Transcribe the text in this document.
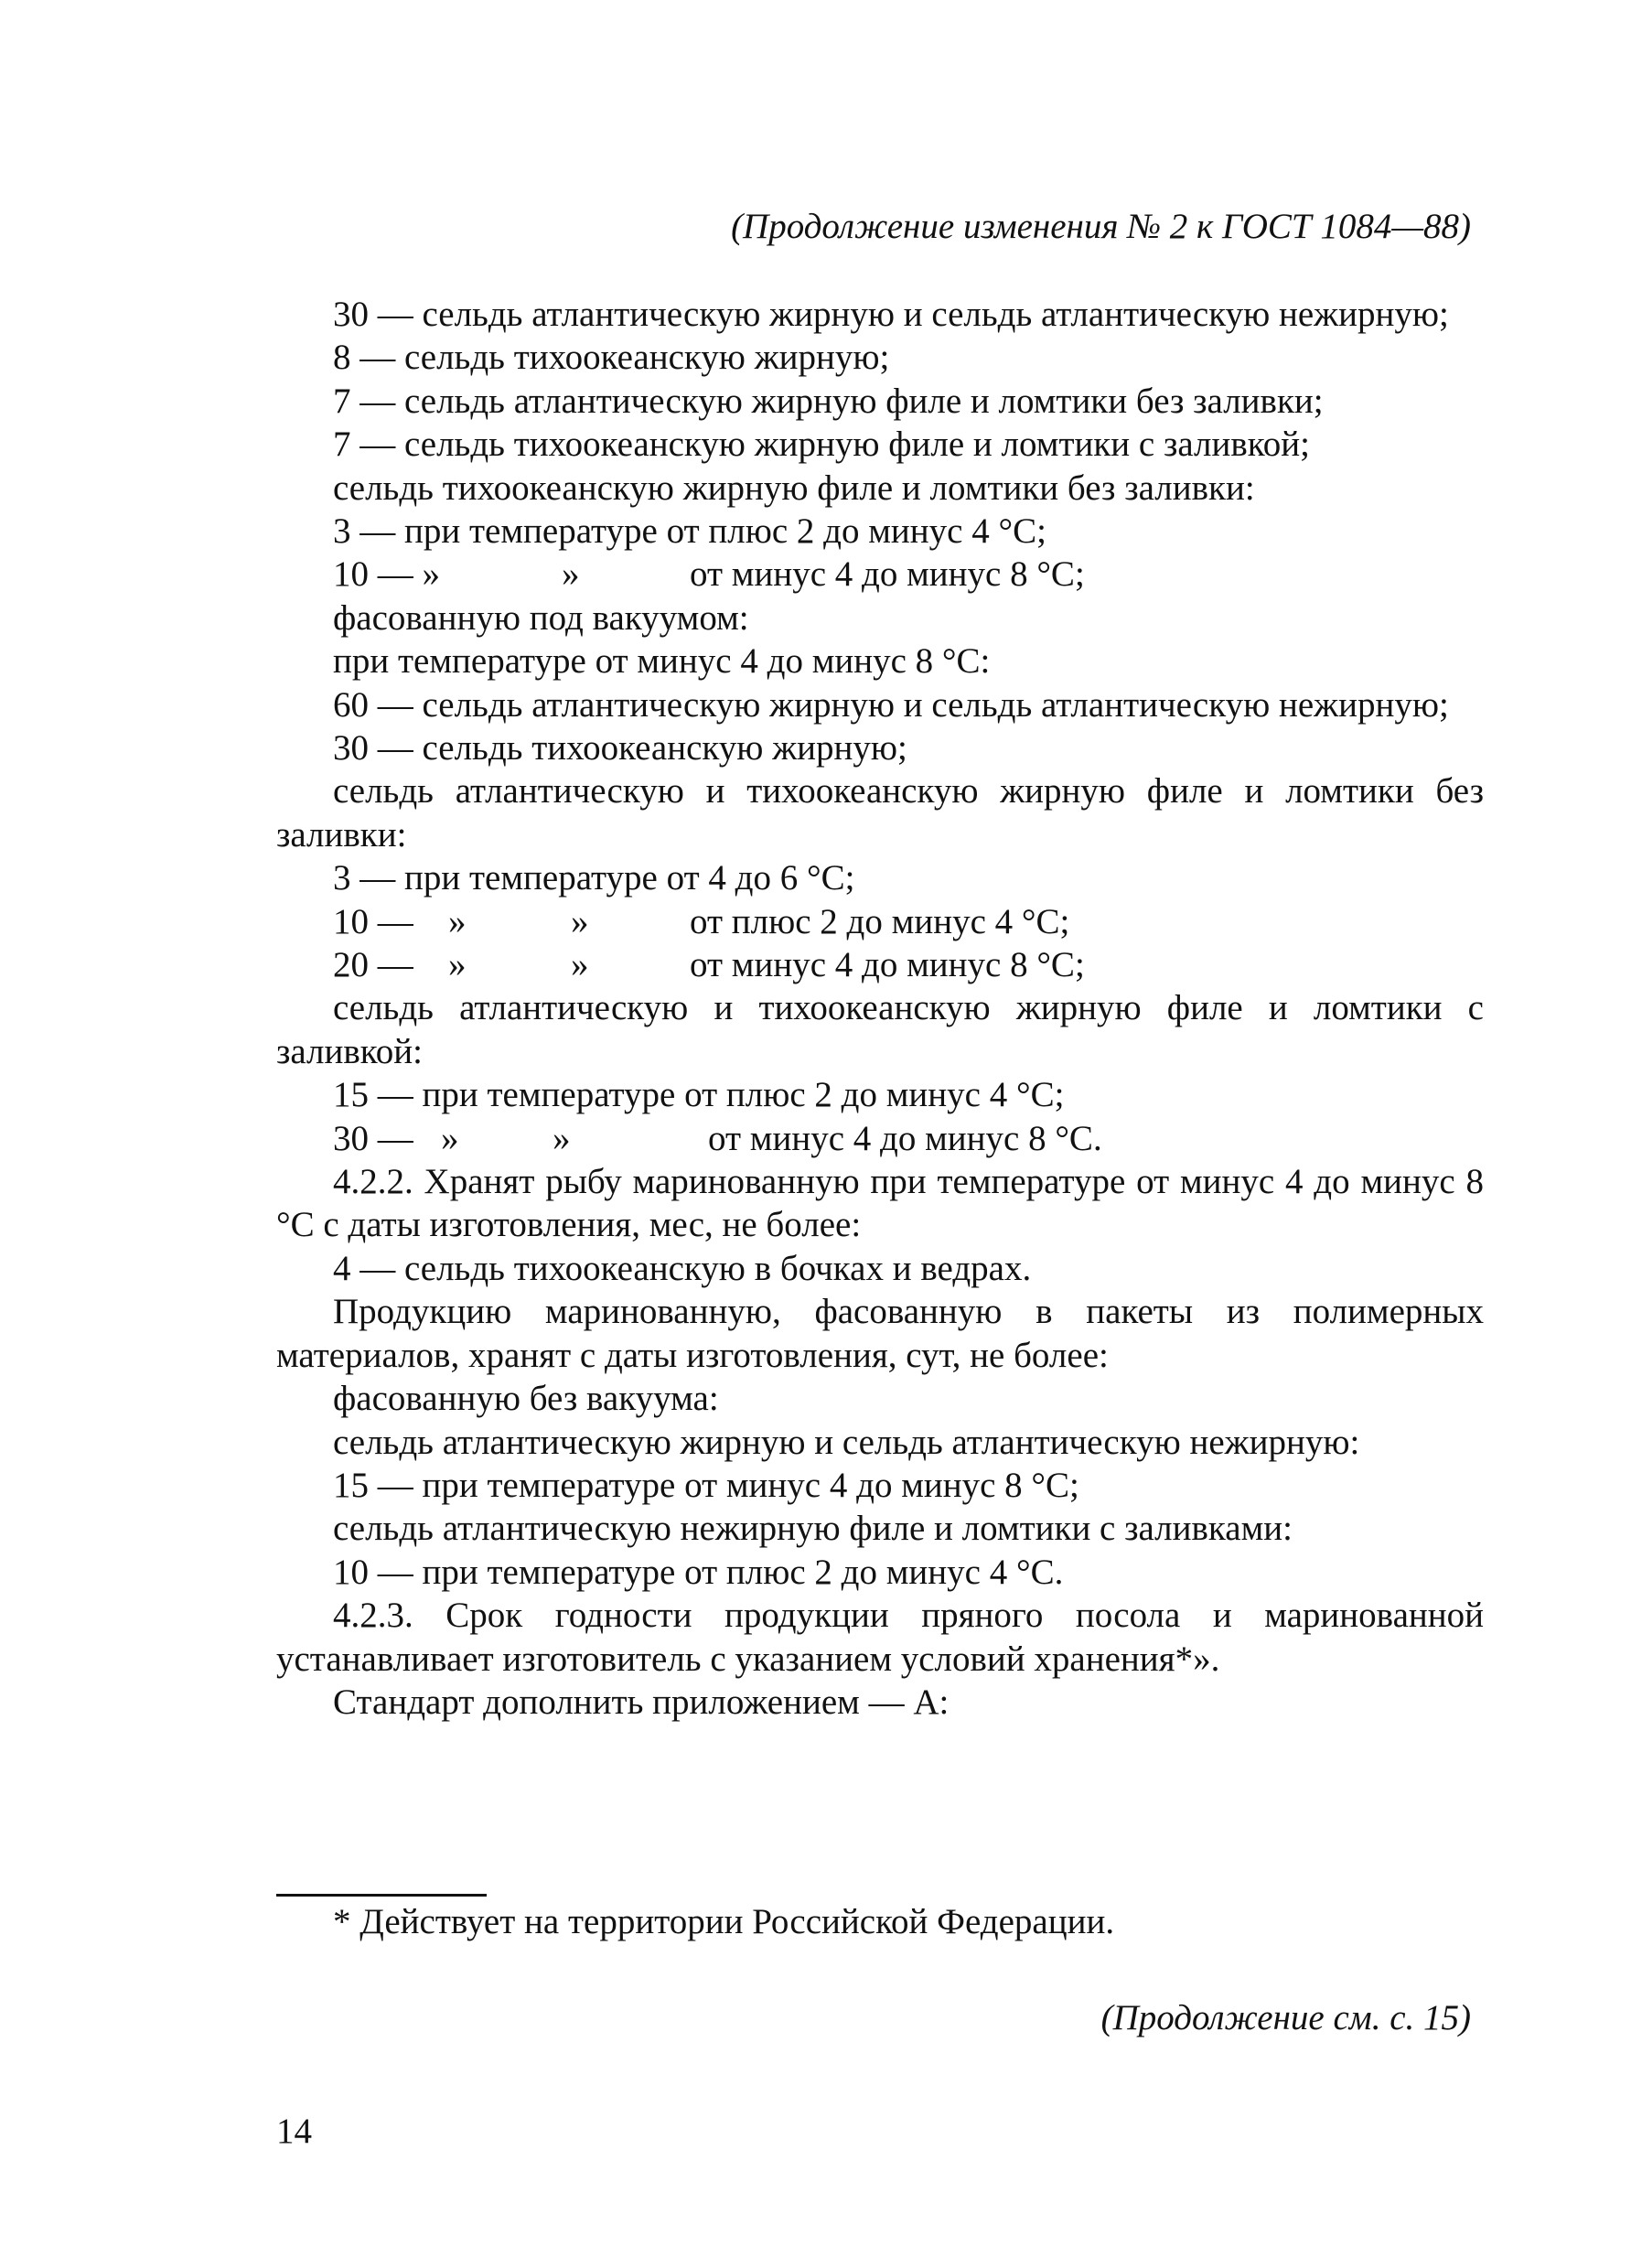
(Продолжение изменения № 2 к ГОСТ 1084—88)

30 — сельдь атлантическую жирную и сельдь атлантическую нежирную;

8 — сельдь тихоокеанскую жирную;

7 — сельдь атлантическую жирную филе и ломтики без заливки;

7 — сельдь тихоокеанскую жирную филе и ломтики с заливкой;

сельдь тихоокеанскую жирную филе и ломтики без заливки:

3 — при температуре от плюс 2 до минус 4 °C;

10 — »	»	от минус 4 до минус 8 °C;

фасованную под вакуумом:

при температуре от минус 4 до минус 8 °C:

60 — сельдь атлантическую жирную и сельдь атлантическую нежирную;

30 — сельдь тихоокеанскую жирную;

сельдь атлантическую и тихоокеанскую жирную филе и ломтики без заливки:

3 — при температуре от 4 до 6 °C;

10 — »	»	от плюс 2 до минус 4 °C;
20 — »	»	от минус 4 до минус 8 °C;

сельдь атлантическую и тихоокеанскую жирную филе и ломтики с заливкой:

15 — при температуре от плюс 2 до минус 4 °C;

30 — »	»	от минус 4 до минус 8 °C.

4.2.2. Хранят рыбу маринованную при температуре от минус 4 до минус 8 °C с даты изготовления, мес, не более:

4 — сельдь тихоокеанскую в бочках и ведрах.

Продукцию маринованную, фасованную в пакеты из полимерных материалов, хранят с даты изготовления, сут, не более:

фасованную без вакуума:

сельдь атлантическую жирную и сельдь атлантическую нежирную:

15 — при температуре от минус 4 до минус 8 °C;

сельдь атлантическую нежирную филе и ломтики с заливками:

10 — при температуре от плюс 2 до минус 4 °C.

4.2.3. Срок годности продукции пряного посола и маринованной устанавливает изготовитель с указанием условий хранения*».

Стандарт дополнить приложением — А:

* Действует на территории Российской Федерации.

(Продолжение см. с. 15)

14
